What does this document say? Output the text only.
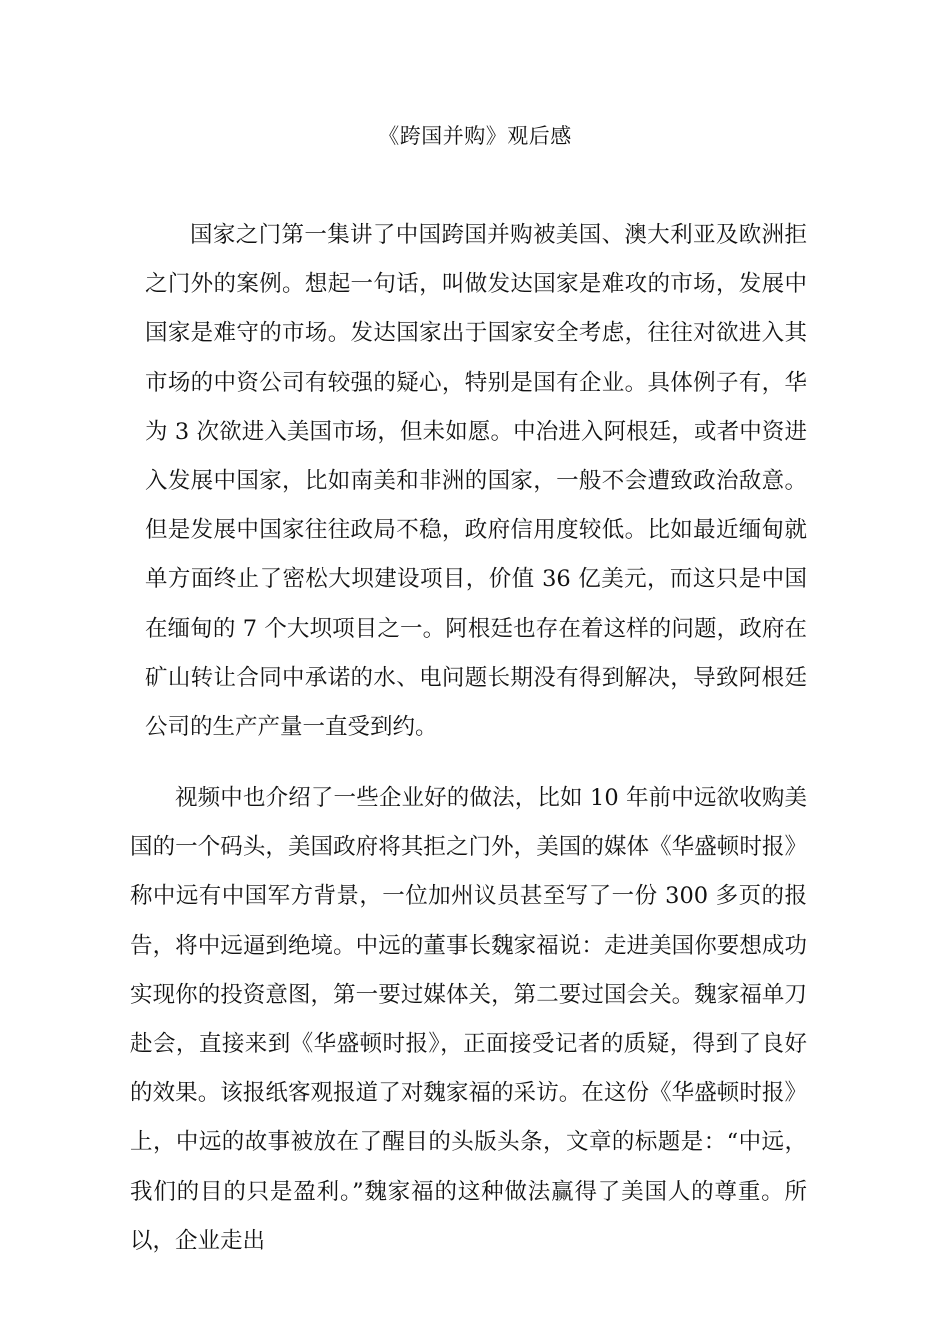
《跨国并购》观后感

国家之门第一集讲了中国跨国并购被美国、澳大利亚及欧洲拒之门外的案例。想起一句话，叫做发达国家是难攻的市场，发展中国家是难守的市场。发达国家出于国家安全考虑，往往对欲进入其市场的中资公司有较强的疑心，特别是国有企业。具体例子有，华为 3 次欲进入美国市场，但未如愿。中冶进入阿根廷，或者中资进入发展中国家，比如南美和非洲的国家，一般不会遭致政治敌意。但是发展中国家往往政局不稳，政府信用度较低。比如最近缅甸就单方面终止了密松大坝建设项目，价值 36 亿美元，而这只是中国在缅甸的 7 个大坝项目之一。阿根廷也存在着这样的问题，政府在矿山转让合同中承诺的水、电问题长期没有得到解决，导致阿根廷公司的生产产量一直受到约。

视频中也介绍了一些企业好的做法，比如 10 年前中远欲收购美国的一个码头，美国政府将其拒之门外，美国的媒体《华盛顿时报》称中远有中国军方背景，一位加州议员甚至写了一份 300 多页的报告，将中远逼到绝境。中远的董事长魏家福说：走进美国你要想成功实现你的投资意图，第一要过媒体关，第二要过国会关。魏家福单刀赴会，直接来到《华盛顿时报》，正面接受记者的质疑，得到了良好的效果。该报纸客观报道了对魏家福的采访。在这份《华盛顿时报》上，中远的故事被放在了醒目的头版头条，文章的标题是：“中远，我们的目的只是盈利。”魏家福的这种做法赢得了美国人的尊重。所以，企业走出
